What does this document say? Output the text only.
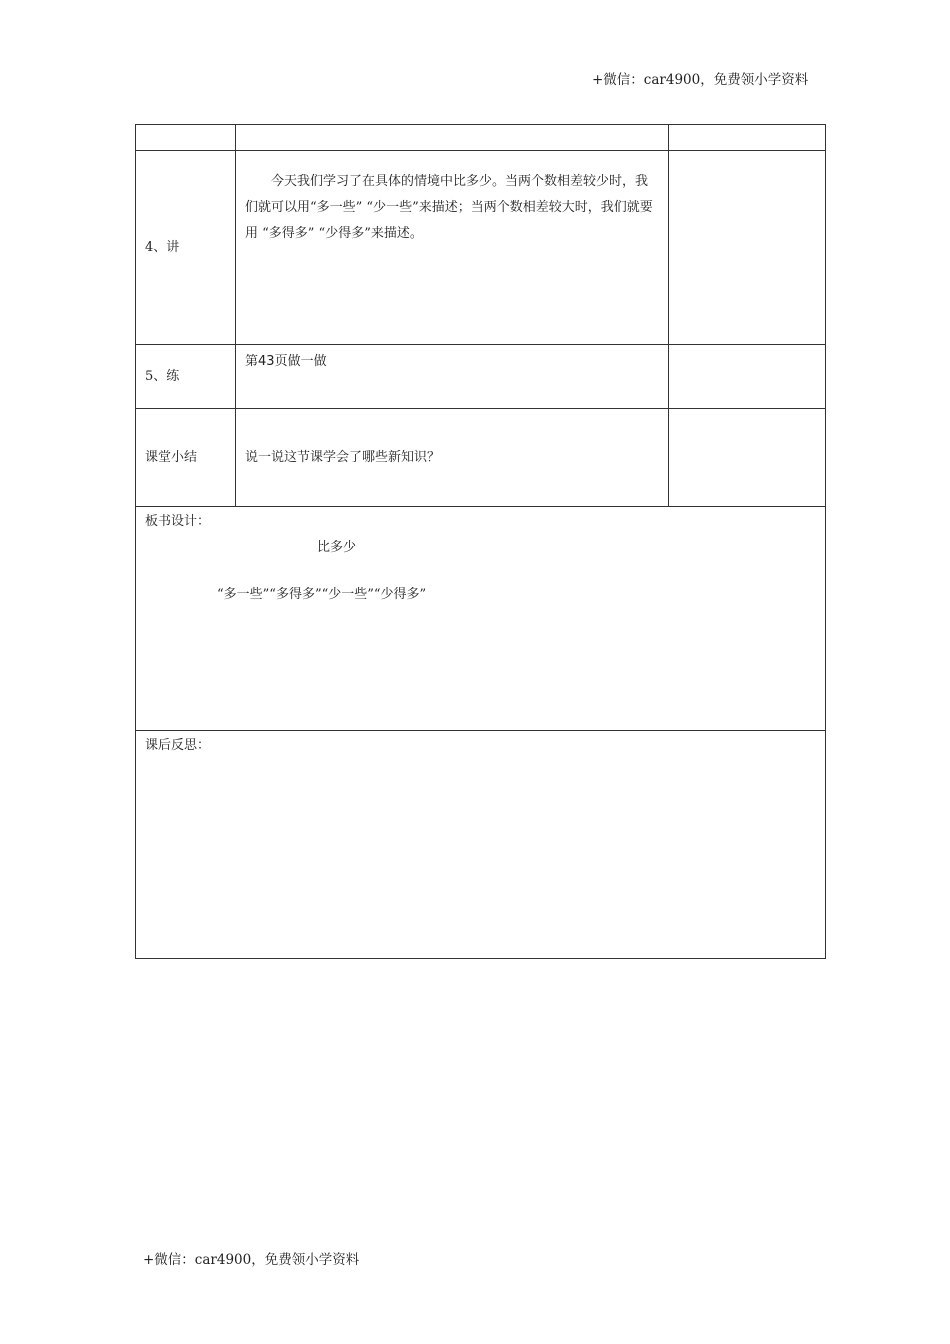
+微信：car4900，免费领小学资料

4、讲	今天我们学习了在具体的情境中比多少。当两个数相差较少时，我们就可以用“多一些” “少一些”来描述；当两个数相差较大时，我们就要用 “多得多” “少得多”来描述。	

5、练	第43页做一做	

课堂小结	说一说这节课学会了哪些新知识？	

板书设计：
比多少
“多一些”“多得多”“少一些”“少得多”		

课后反思：		
+微信：car4900，免费领小学资料
